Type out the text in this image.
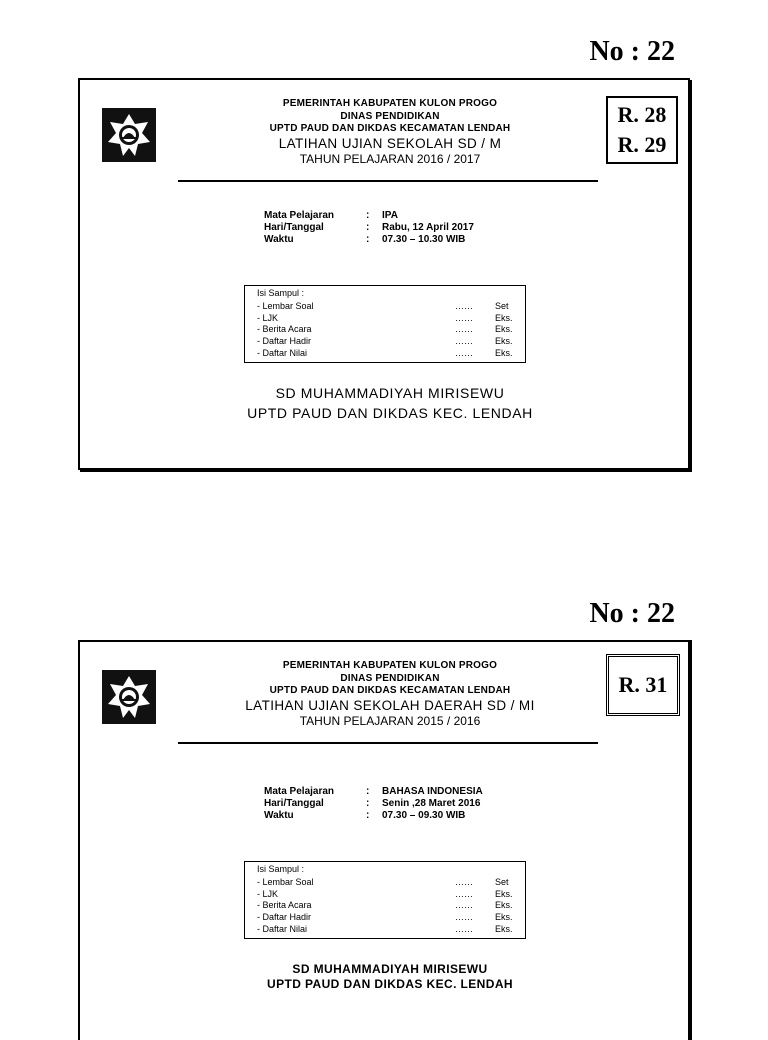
No : 22
PEMERINTAH KABUPATEN KULON PROGO
DINAS PENDIDIKAN
UPTD PAUD DAN DIKDAS KECAMATAN LENDAH
LATIHAN UJIAN SEKOLAH SD / M
TAHUN PELAJARAN 2016 / 2017
R. 28
R. 29
Mata Pelajaran	:	IPA
Hari/Tanggal	:	Rabu, 12 April 2017
Waktu	:	07.30 – 10.30 WIB
Isi Sampul :
- Lembar Soal	……	Set
- LJK	……	Eks.
- Berita Acara	……	Eks.
- Daftar Hadir	……	Eks.
- Daftar Nilai	……	Eks.
SD MUHAMMADIYAH MIRISEWU
UPTD PAUD DAN DIKDAS KEC. LENDAH
No : 22
PEMERINTAH KABUPATEN KULON PROGO
DINAS PENDIDIKAN
UPTD PAUD DAN DIKDAS KECAMATAN LENDAH
LATIHAN UJIAN SEKOLAH DAERAH SD / MI
TAHUN PELAJARAN 2015 / 2016
R. 31
Mata Pelajaran	:	BAHASA INDONESIA
Hari/Tanggal	:	Senin ,28 Maret 2016
Waktu	:	07.30 – 09.30 WIB
Isi Sampul :
- Lembar Soal	……	Set
- LJK	……	Eks.
- Berita Acara	……	Eks.
- Daftar Hadir	……	Eks.
- Daftar Nilai	……	Eks.
SD MUHAMMADIYAH MIRISEWU
UPTD PAUD DAN DIKDAS KEC. LENDAH
